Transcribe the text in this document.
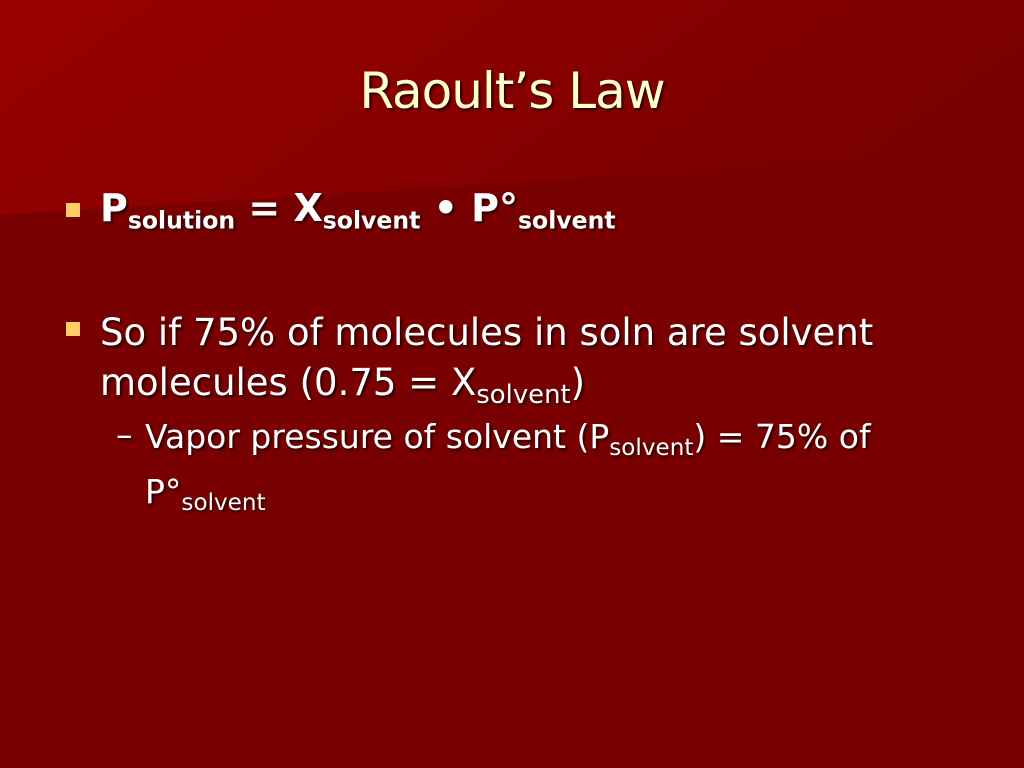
Raoult’s Law
$P_{solution} = X_{solvent}$ • $P^\circ_{solvent}$
So if 75% of molecules in soln are solvent molecules $(0.75 = X_{solvent})$
– Vapor pressure of solvent $(P_{solvent}) = 75\%$ of $P^\circ_{solvent}$
